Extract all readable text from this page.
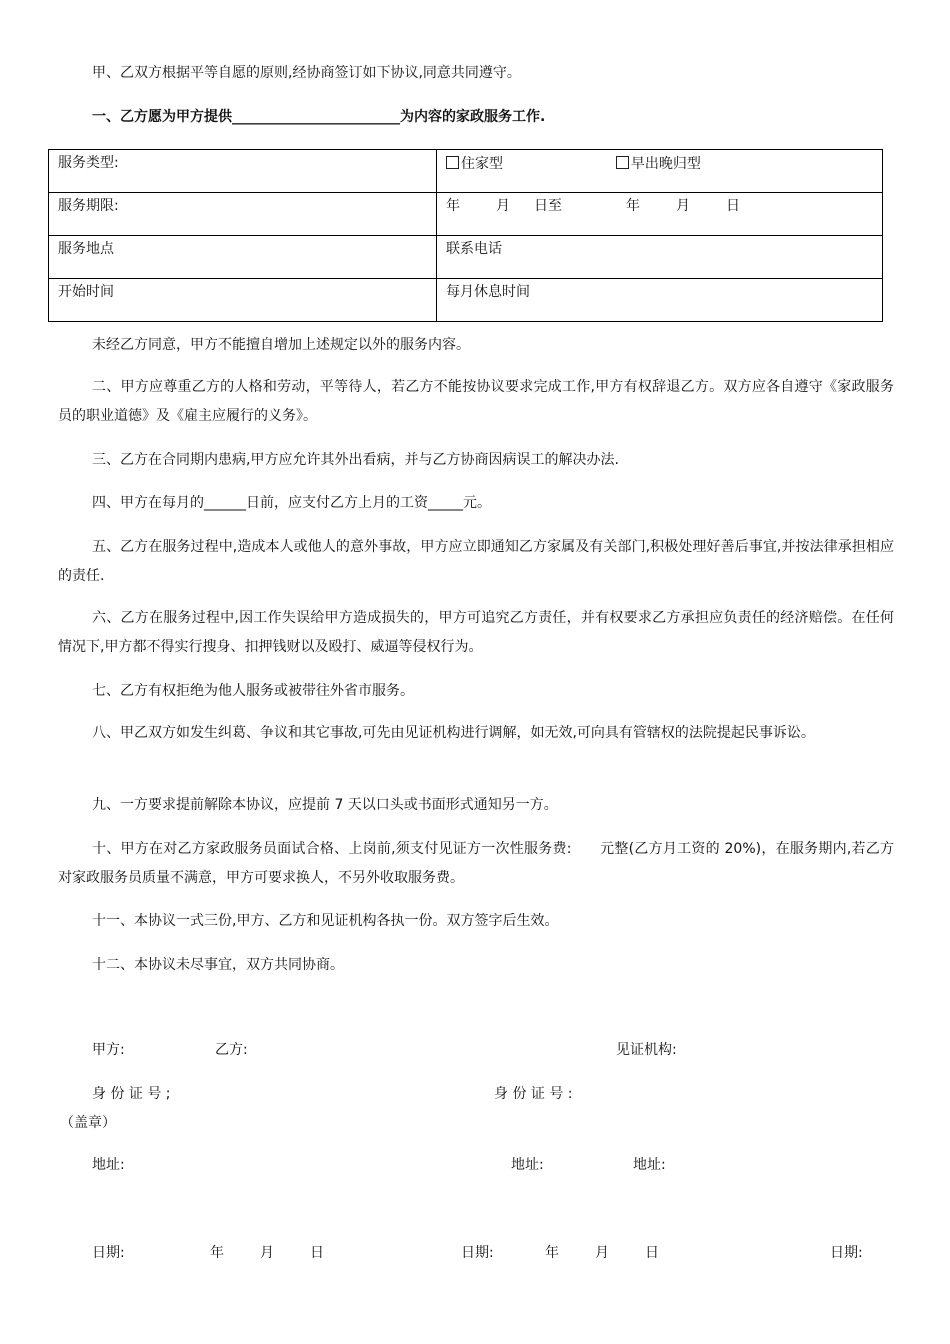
甲、乙双方根据平等自愿的原则,经协商签订如下协议,同意共同遵守。
一、乙方愿为甲方提供________________________为内容的家政服务工作.
服务类型:	住家型 早出晚归型
服务期限:	年 月 日至 年 月 日
服务地点	联系电话
开始时间	每月休息时间
未经乙方同意，甲方不能擅自增加上述规定以外的服务内容。
二、甲方应尊重乙方的人格和劳动，平等待人，若乙方不能按协议要求完成工作,甲方有权辞退乙方。双方应各自遵守《家政服务员的职业道德》及《雇主应履行的义务》。
三、乙方在合同期内患病,甲方应允许其外出看病，并与乙方协商因病误工的解决办法.
四、甲方在每月的______日前，应支付乙方上月的工资_____元。
五、乙方在服务过程中,造成本人或他人的意外事故，甲方应立即通知乙方家属及有关部门,积极处理好善后事宜,并按法律承担相应的责任.
六、乙方在服务过程中,因工作失误给甲方造成损失的，甲方可追究乙方责任，并有权要求乙方承担应负责任的经济赔偿。在任何情况下,甲方都不得实行搜身、扣押钱财以及殴打、威逼等侵权行为。
七、乙方有权拒绝为他人服务或被带往外省市服务。
八、甲乙双方如发生纠葛、争议和其它事故,可先由见证机构进行调解，如无效,可向具有管辖权的法院提起民事诉讼。
九、一方要求提前解除本协议，应提前 7 天以口头或书面形式通知另一方。
十、甲方在对乙方家政服务员面试合格、上岗前,须支付见证方一次性服务费:　　元整(乙方月工资的 20%)，在服务期内,若乙方对家政服务员质量不满意，甲方可要求换人，不另外收取服务费。
十一、本协议一式三份,甲方、乙方和见证机构各执一份。双方签字后生效。
十二、本协议未尽事宜，双方共同协商。
甲方:	乙方:	见证机构:
身 份 证 号 ;	身 份 证 号 :
（盖章）
地址:	地址:	地址:
日期:	年	月	日	日期:	年	月	日	日期:
